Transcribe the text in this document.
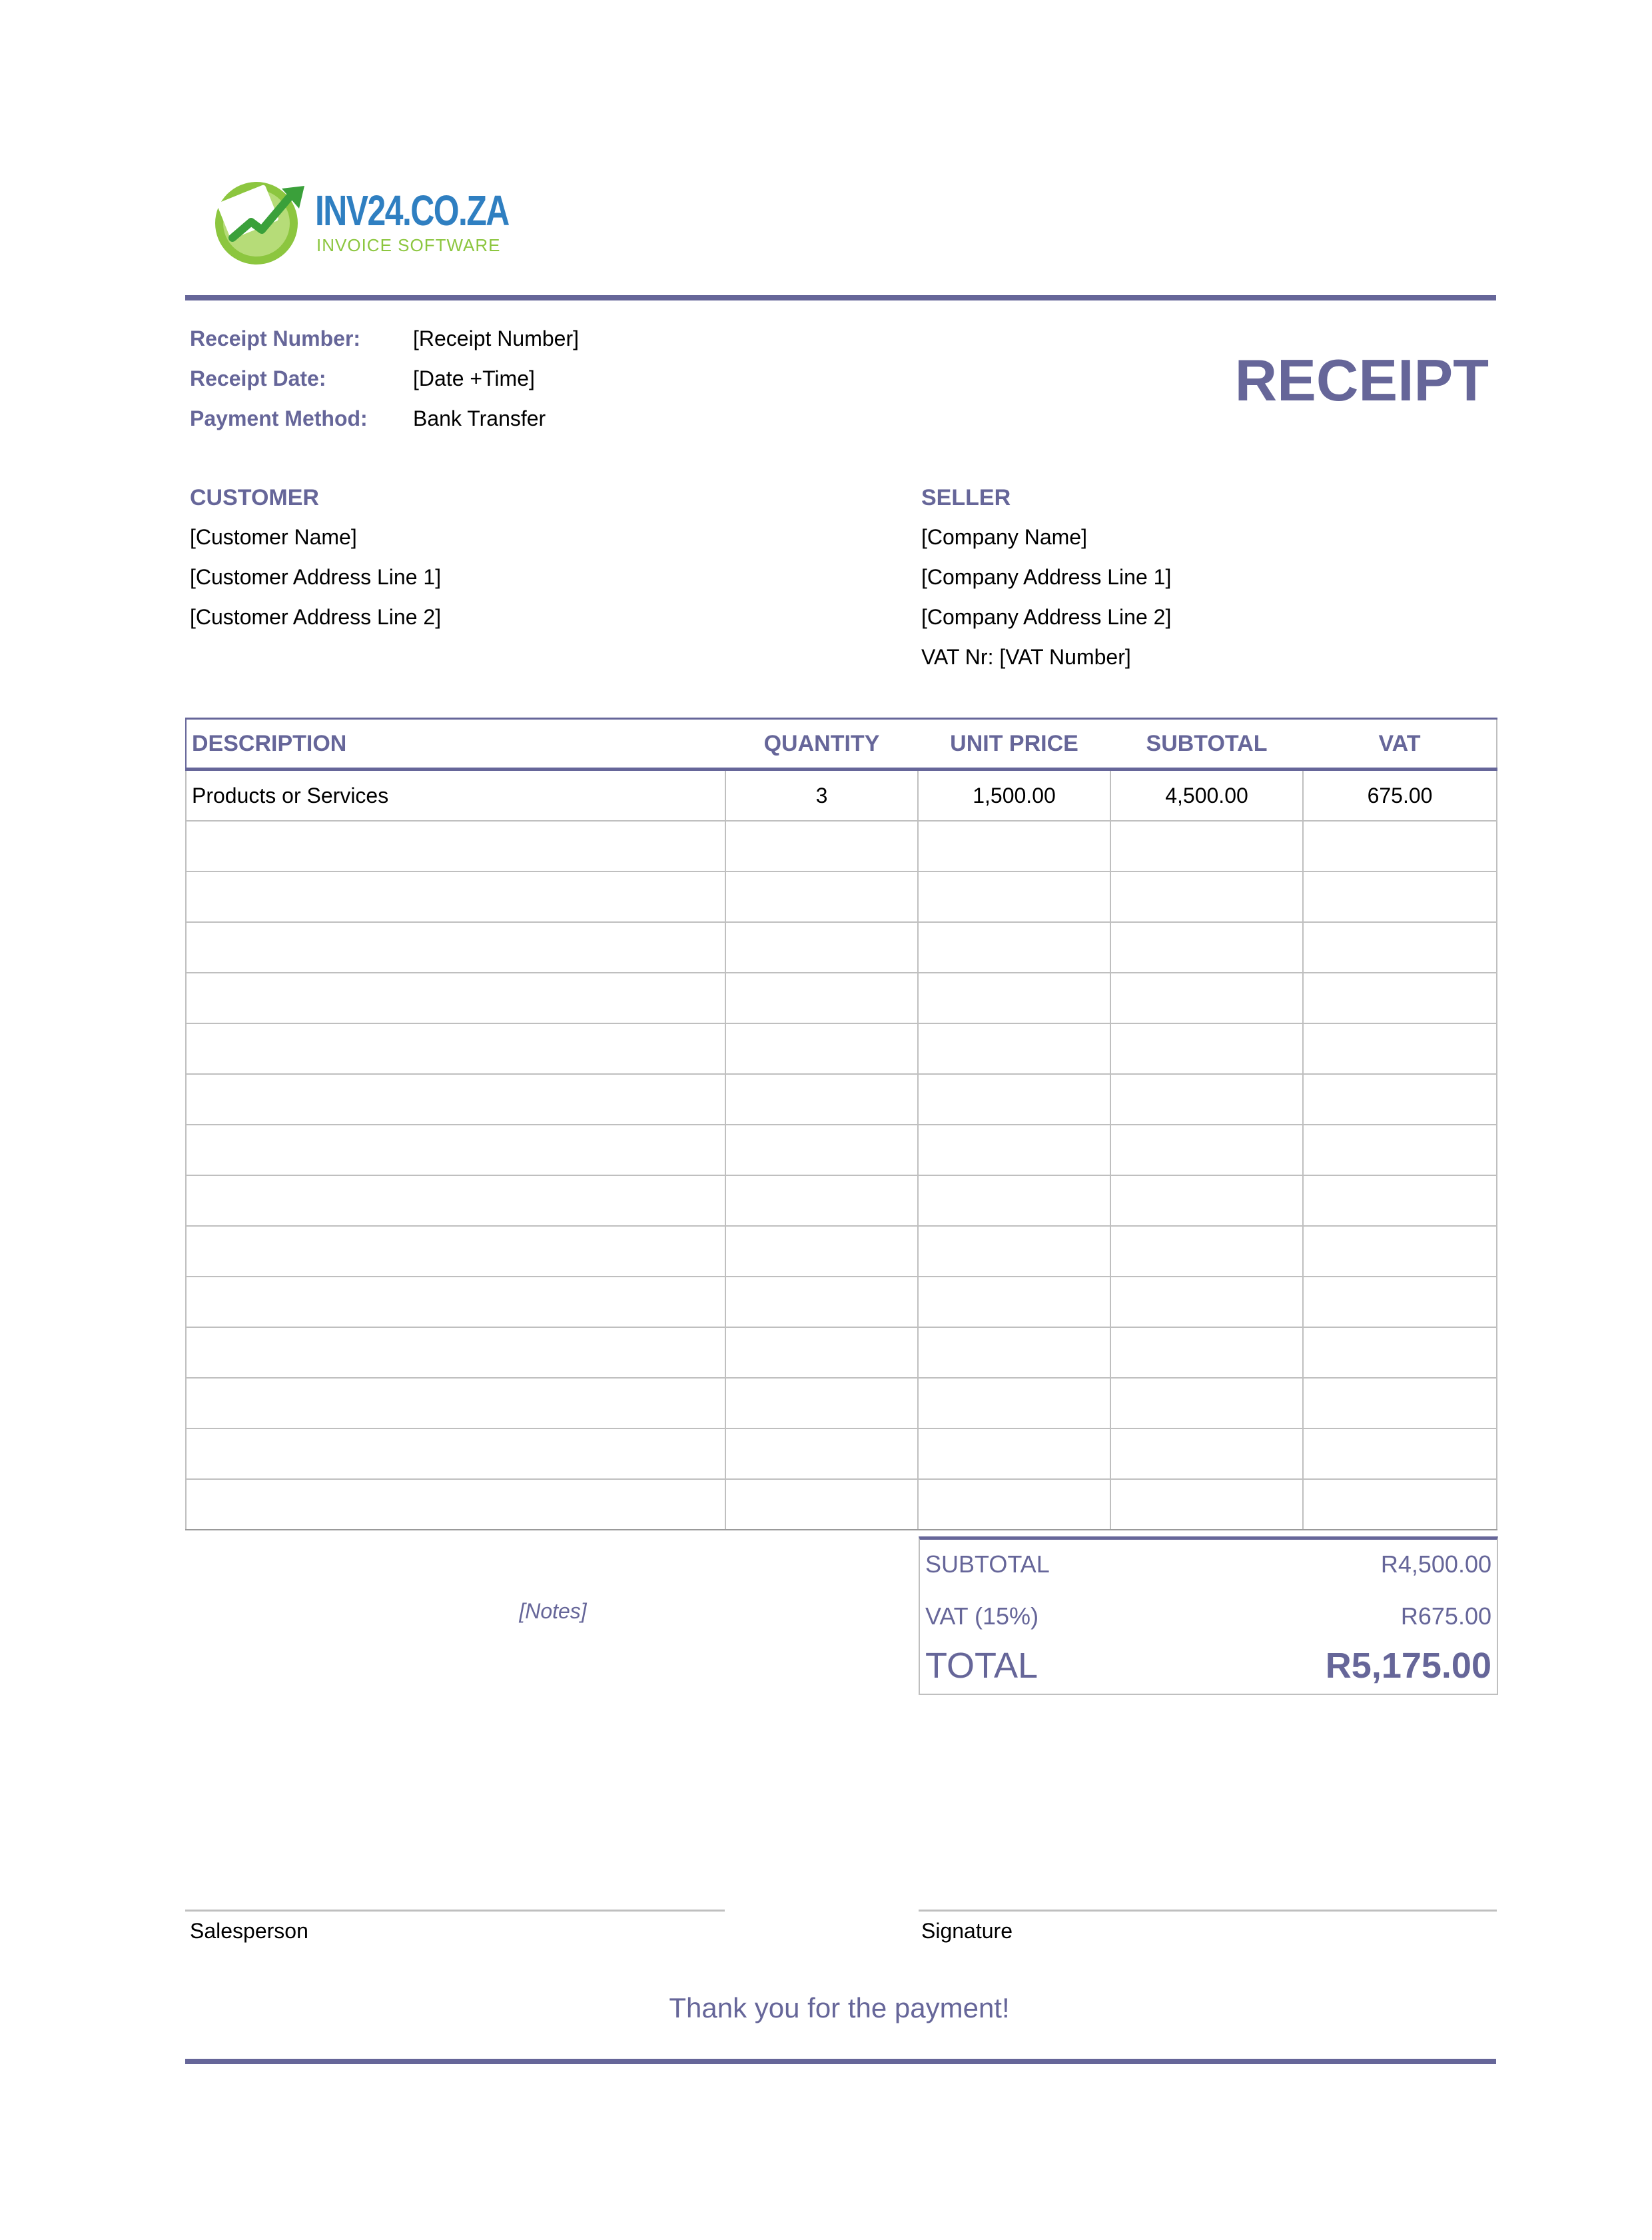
INV24.CO.ZA
INVOICE SOFTWARE
Receipt Number: [Receipt Number]
Receipt Date:	[Date +Time]
Payment Method: Bank Transfer
RECEIPT
CUSTOMER
[Customer Name]
[Customer Address Line 1]
[Customer Address Line 2]
SELLER
[Company Name]
[Company Address Line 1]
[Company Address Line 2]
VAT Nr: [VAT Number]
DESCRIPTION	QUANTITY	UNIT PRICE	SUBTOTAL	VAT
Products or Services	3	1,500.00	4,500.00	675.00

[Notes]
SUBTOTAL	R4,500.00
VAT (15%)	R675.00
TOTAL	R5,175.00
Salesperson	Signature
Thank you for the payment!
